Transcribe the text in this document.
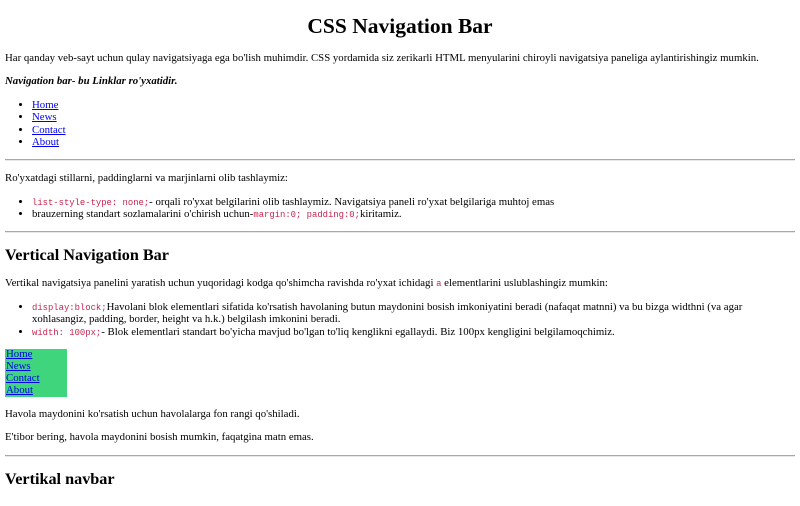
CSS Navigation Bar

Har qanday veb-sayt uchun qulay navigatsiyaga ega bo'lish muhimdir. CSS yordamida siz zerikarli HTML menyularini chiroyli navigatsiya paneliga aylantirishingiz mumkin.

Navigation bar- bu Linklar ro'yxatidir.

• Home
• News
• Contact
• About

Ro'yxatdagi stillarni, paddinglarni va marjinlarni olib tashlaymiz:

• list-style-type: none;- orqali ro'yxat belgilarini olib tashlaymiz. Navigatsiya paneli ro'yxat belgilariga muhtoj emas
• brauzerning standart sozlamalarini o'chirish uchun-margin:0; padding:0;kiritamiz.
Vertical Navigation Bar

Vertikal navigatsiya panelini yaratish uchun yuqoridagi kodga qo'shimcha ravishda ro'yxat ichidagi a elementlarini uslublashingiz mumkin:

• display:block;Havolani blok elementlari sifatida ko'rsatish havolaning butun maydonini bosish imkoniyatini beradi (nafaqat matnni) va bu bizga widthni (va agar xohlasangiz, padding, border, height va h.k.) belgilash imkonini beradi.
• width: 100px;- Blok elementlari standart bo'yicha mavjud bo'lgan to'liq kenglikni egallaydi. Biz 100px kengligini belgilamoqchimiz.
Home
News
Contact
About

Havola maydonini ko'rsatish uchun havolalarga fon rangi qo'shiladi.

E'tibor bering, havola maydonini bosish mumkin, faqatgina matn emas.

Vertikal navbar
